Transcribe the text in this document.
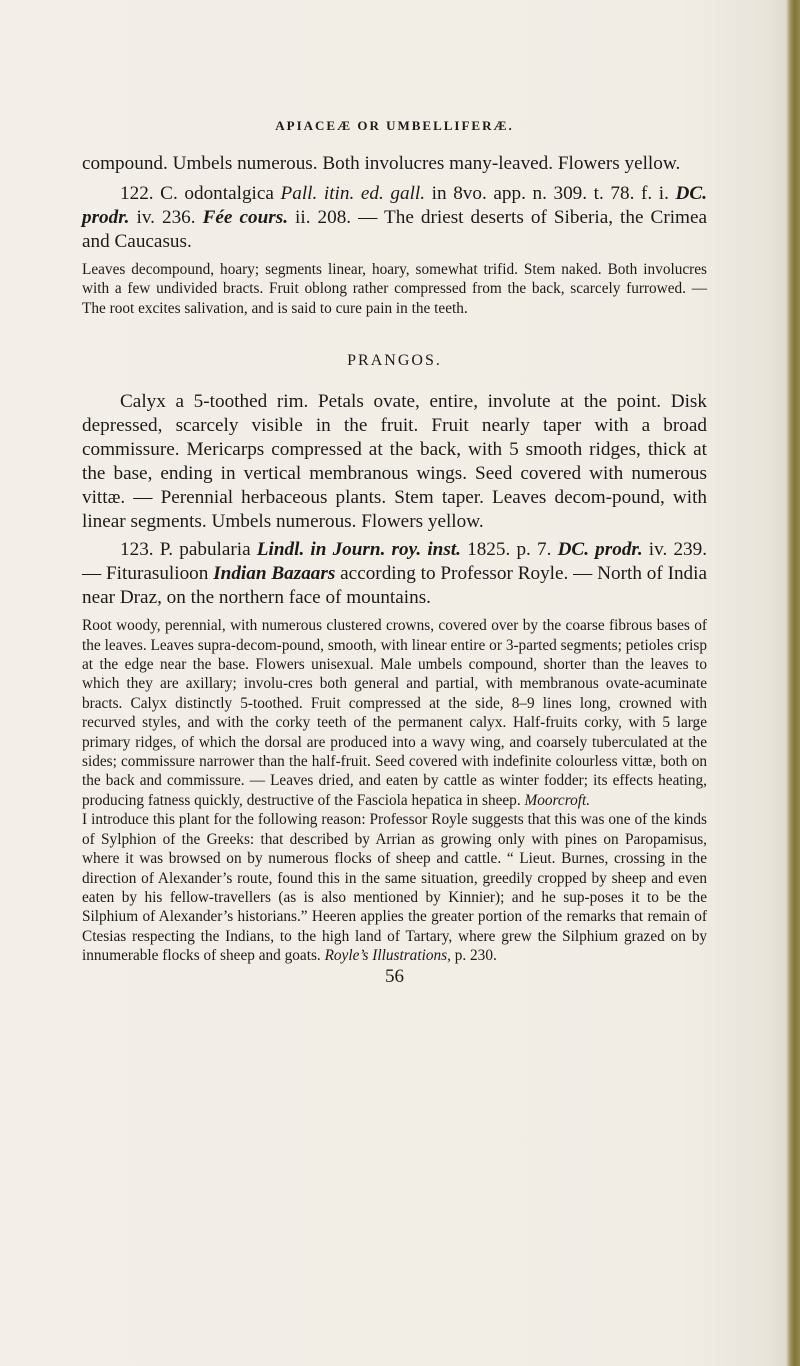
APIACEÆ OR UMBELLIFERÆ.

compound. Umbels numerous. Both involucres many-leaved. Flowers yellow.

122. C. odontalgica Pall. itin. ed. gall. in 8vo. app. n. 309. t. 78. f. i. DC. prodr. iv. 236. Fée cours. ii. 208. — The driest deserts of Siberia, the Crimea and Caucasus.

Leaves decompound, hoary; segments linear, hoary, somewhat trifid. Stem naked. Both involucres with a few undivided bracts. Fruit oblong rather compressed from the back, scarcely furrowed. — The root excites salivation, and is said to cure pain in the teeth.

PRANGOS.

Calyx a 5-toothed rim. Petals ovate, entire, involute at the point. Disk depressed, scarcely visible in the fruit. Fruit nearly taper with a broad commissure. Mericarps compressed at the back, with 5 smooth ridges, thick at the base, ending in vertical membranous wings. Seed covered with numerous vittæ. — Perennial herbaceous plants. Stem taper. Leaves decom-pound, with linear segments. Umbels numerous. Flowers yellow.

123. P. pabularia Lindl. in Journ. roy. inst. 1825. p. 7. DC. prodr. iv. 239. — Fiturasulioon Indian Bazaars according to Professor Royle. — North of India near Draz, on the northern face of mountains.

Root woody, perennial, with numerous clustered crowns, covered over by the coarse fibrous bases of the leaves. Leaves supra-decom-pound, smooth, with linear entire or 3-parted segments; petioles crisp at the edge near the base. Flowers unisexual. Male umbels compound, shorter than the leaves to which they are axillary; involu-cres both general and partial, with membranous ovate-acuminate bracts. Calyx distinctly 5-toothed. Fruit compressed at the side, 8–9 lines long, crowned with recurved styles, and with the corky teeth of the permanent calyx. Half-fruits corky, with 5 large primary ridges, of which the dorsal are produced into a wavy wing, and coarsely tuberculated at the sides; commissure narrower than the half-fruit. Seed covered with indefinite colourless vittæ, both on the back and commissure. — Leaves dried, and eaten by cattle as winter fodder; its effects heating, producing fatness quickly, destructive of the Fasciola hepatica in sheep. Moorcroft.

I introduce this plant for the following reason: Professor Royle suggests that this was one of the kinds of Sylphion of the Greeks: that described by Arrian as growing only with pines on Paropamisus, where it was browsed on by numerous flocks of sheep and cattle. “ Lieut. Burnes, crossing in the direction of Alexander’s route, found this in the same situation, greedily cropped by sheep and even eaten by his fellow-travellers (as is also mentioned by Kinnier); and he sup-poses it to be the Silphium of Alexander’s historians.” Heeren applies the greater portion of the remarks that remain of Ctesias respecting the Indians, to the high land of Tartary, where grew the Silphium grazed on by innumerable flocks of sheep and goats. Royle’s Illustrations, p. 230.

56
